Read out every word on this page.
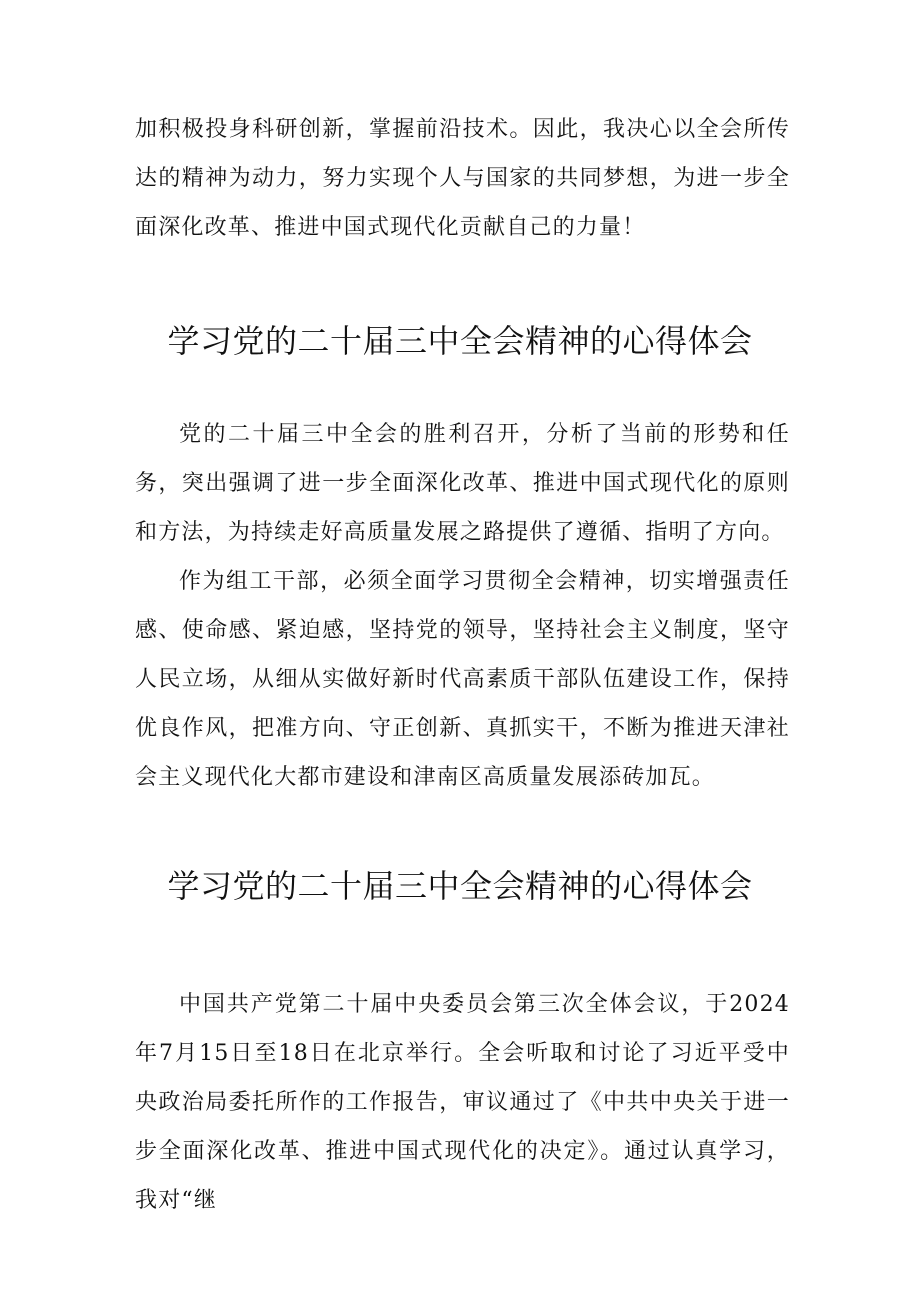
加积极投身科研创新，掌握前沿技术。因此，我决心以全会所传达的精神为动力，努力实现个人与国家的共同梦想，为进一步全面深化改革、推进中国式现代化贡献自己的力量！

学习党的二十届三中全会精神的心得体会

党的二十届三中全会的胜利召开，分析了当前的形势和任务，突出强调了进一步全面深化改革、推进中国式现代化的原则和方法，为持续走好高质量发展之路提供了遵循、指明了方向。

作为组工干部，必须全面学习贯彻全会精神，切实增强责任感、使命感、紧迫感，坚持党的领导，坚持社会主义制度，坚守人民立场，从细从实做好新时代高素质干部队伍建设工作，保持优良作风，把准方向、守正创新、真抓实干，不断为推进天津社会主义现代化大都市建设和津南区高质量发展添砖加瓦。

学习党的二十届三中全会精神的心得体会

中国共产党第二十届中央委员会第三次全体会议，于2024年7月15日至18日在北京举行。全会听取和讨论了习近平受中央政治局委托所作的工作报告，审议通过了《中共中央关于进一步全面深化改革、推进中国式现代化的决定》。通过认真学习，我对“继
